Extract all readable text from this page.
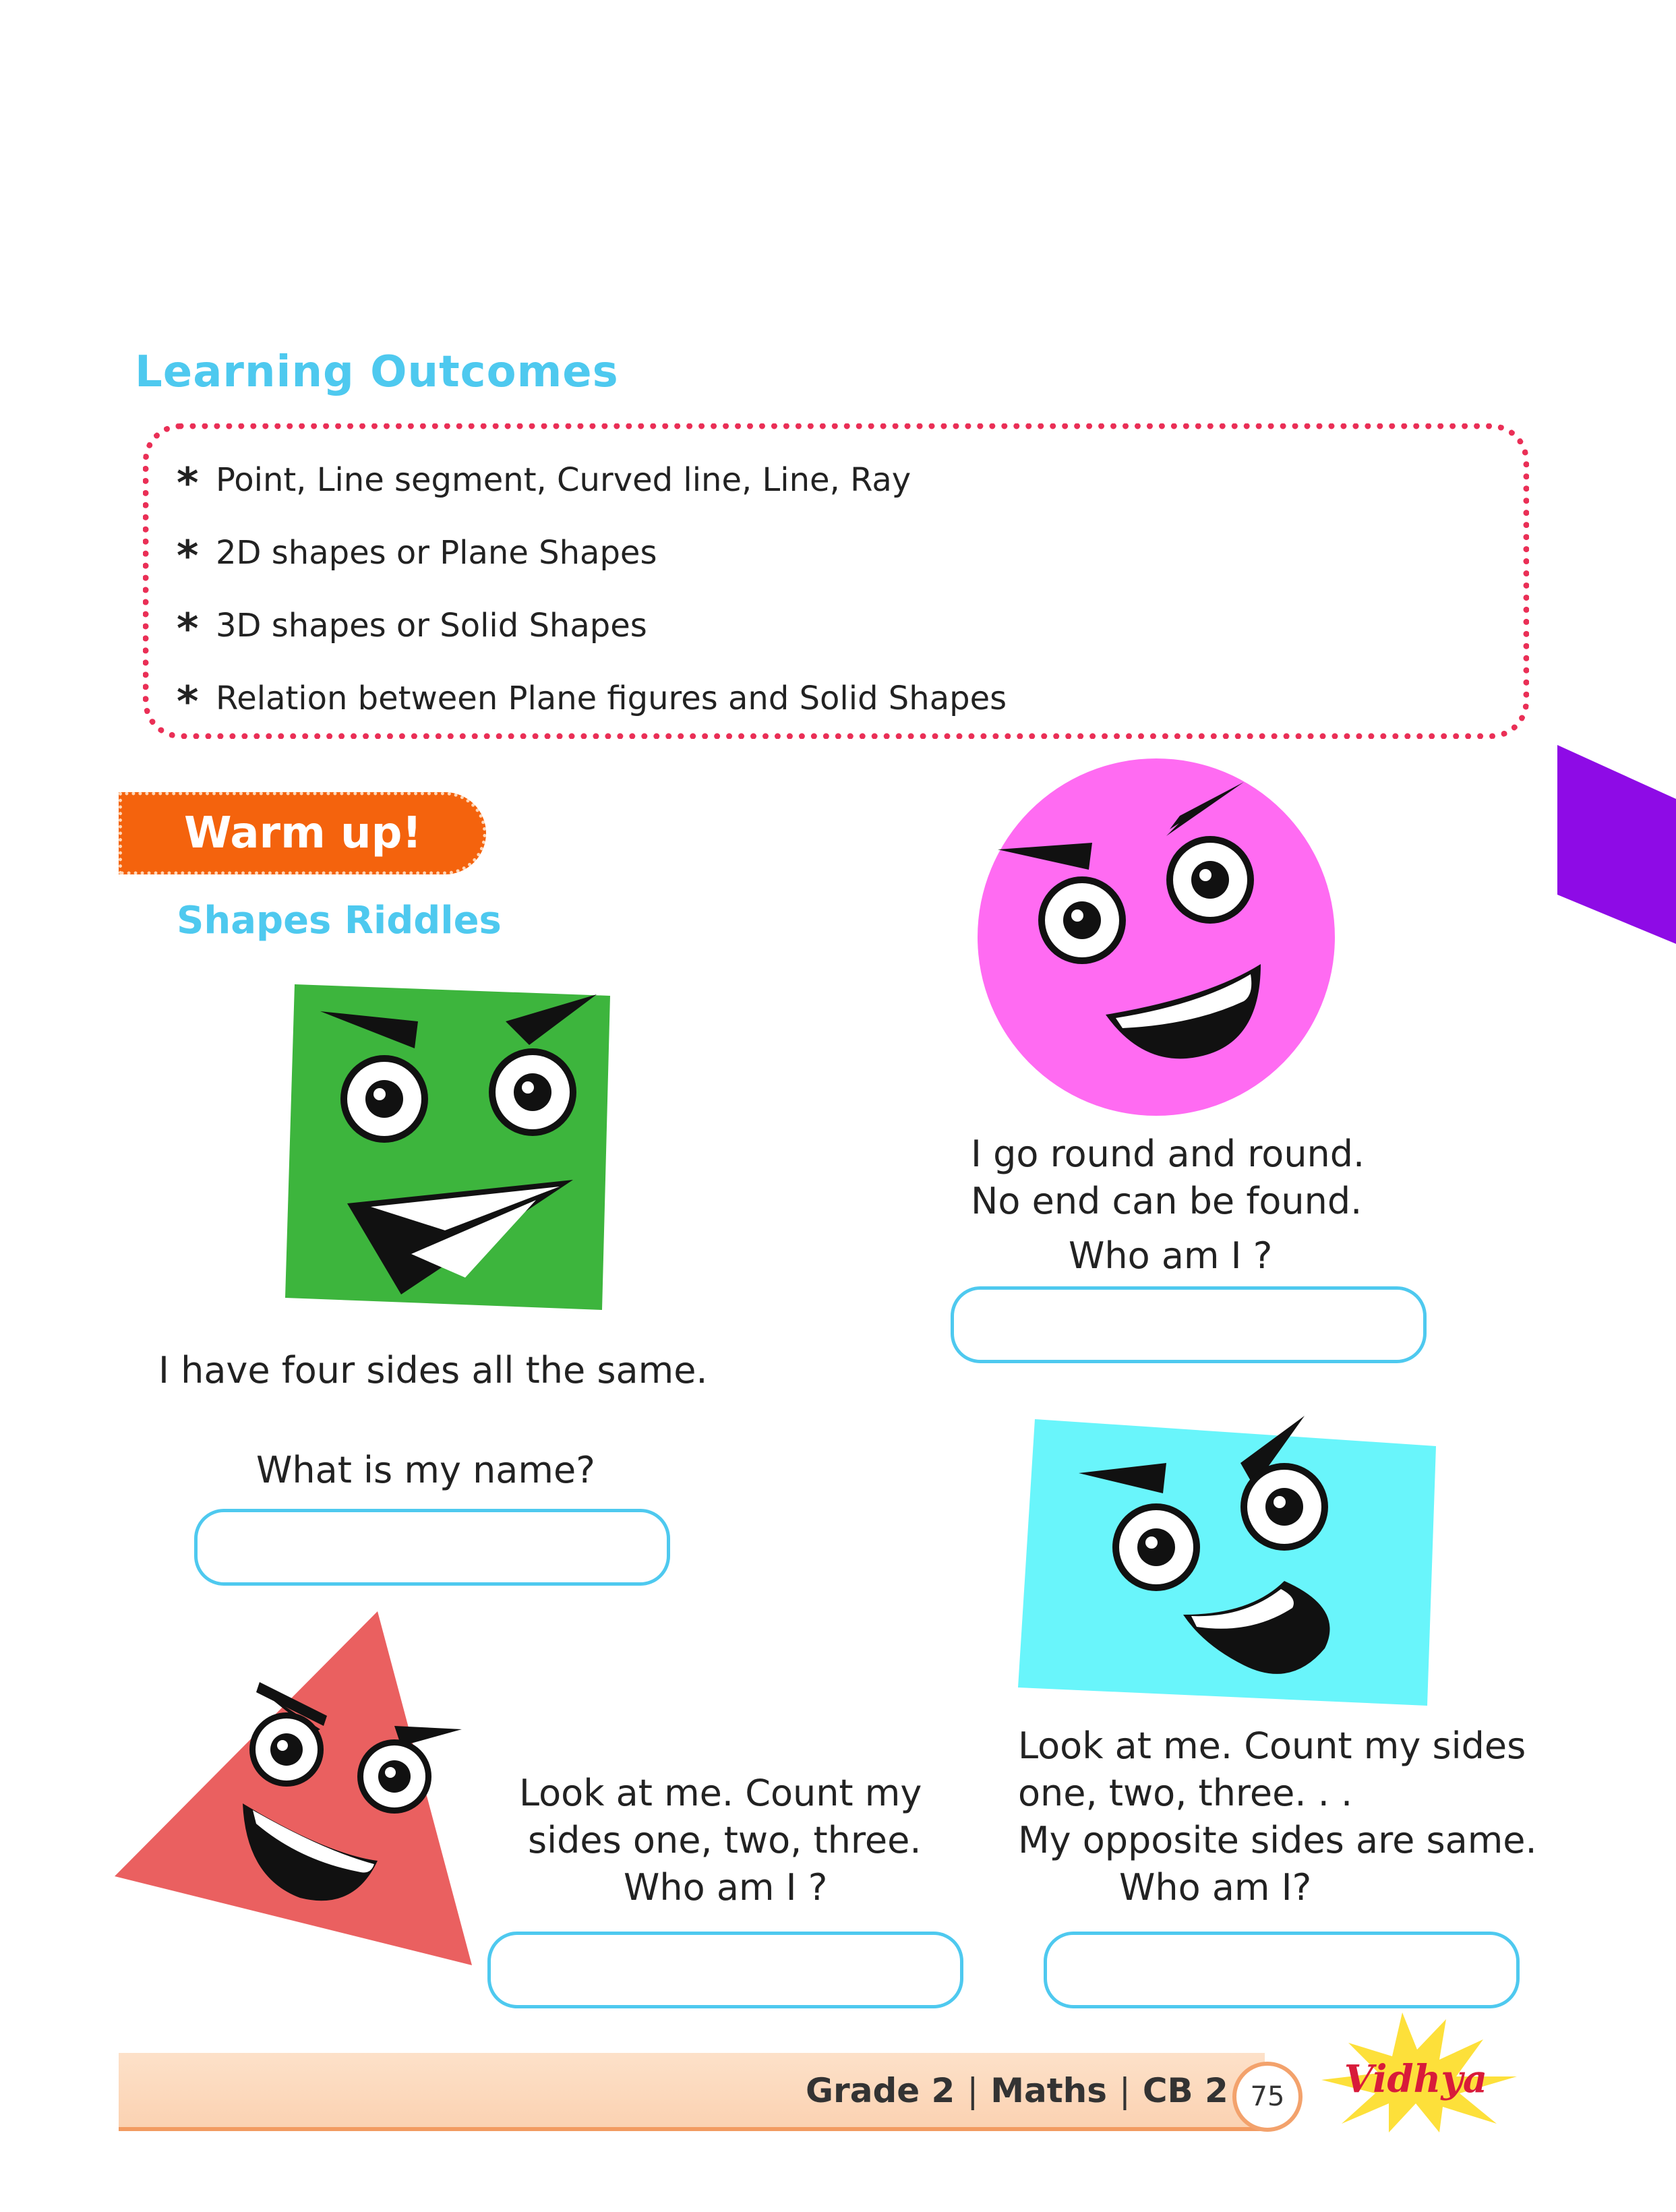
Learning Outcomes
* Point, Line segment, Curved line, Line, Ray
* 2D shapes or Plane Shapes
* 3D shapes or Solid Shapes
* Relation between Plane figures and Solid Shapes
Warm up!
Shapes Riddles
I have four sides all the same.
What is my name?
I go round and round.
No end can be found.
Who am I ?
Look at me. Count my sides
one, two, three. . .
My opposite sides are same.
Who am I?
Look at me. Count my
sides one, two, three.
Who am I ?
Grade 2 | Maths | CB 2 75	Vidhya
